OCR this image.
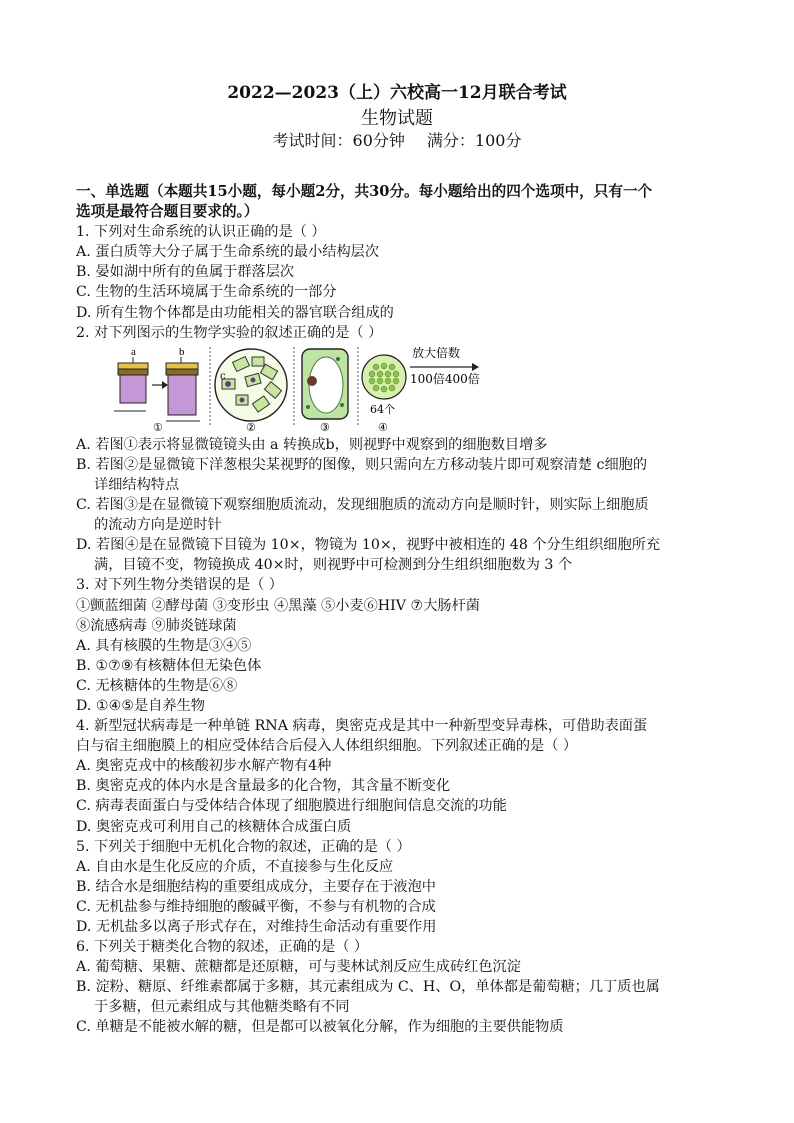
2022—2023（上）六校高一12月联合考试
生物试题
考试时间：60分钟 满分：100分
一、单选题（本题共15小题，每小题2分，共30分。每小题给出的四个选项中，只有一个
选项是最符合题目要求的。）
1. 下列对生命系统的认识正确的是（ ）
A. 蛋白质等大分子属于生命系统的最小结构层次
B. 晏如湖中所有的鱼属于群落层次
C. 生物的生活环境属于生命系统的一部分
D. 所有生物个体都是由功能相关的器官联合组成的
2. 对下列图示的生物学实验的叙述正确的是（ ）
a	b
①
c
②	③
64个
④
放大倍数
100倍400倍
A. 若图①表示将显微镜镜头由 a 转换成b，则视野中观察到的细胞数目增多
B. 若图②是显微镜下洋葱根尖某视野的图像，则只需向左方移动装片即可观察清楚 c细胞的
详细结构特点
C. 若图③是在显微镜下观察细胞质流动，发现细胞质的流动方向是顺时针，则实际上细胞质
的流动方向是逆时针
D. 若图④是在显微镜下目镜为 10×，物镜为 10×，视野中被相连的 48 个分生组织细胞所充
满，目镜不变，物镜换成 40×时，则视野中可检测到分生组织细胞数为 3 个
3. 对下列生物分类错误的是（ ）
①颤蓝细菌 ②酵母菌 ③变形虫 ④黑藻 ⑤小麦⑥HIV ⑦大肠杆菌
⑧流感病毒 ⑨肺炎链球菌
A. 具有核膜的生物是③④⑤
B. ①⑦⑨有核糖体但无染色体
C. 无核糖体的生物是⑥⑧
D. ①④⑤是自养生物
4. 新型冠状病毒是一种单链 RNA 病毒，奥密克戎是其中一种新型变异毒株，可借助表面蛋
白与宿主细胞膜上的相应受体结合后侵入人体组织细胞。下列叙述正确的是（ ）
A. 奥密克戎中的核酸初步水解产物有4种
B. 奥密克戎的体内水是含量最多的化合物，其含量不断变化
C. 病毒表面蛋白与受体结合体现了细胞膜进行细胞间信息交流的功能
D. 奥密克戎可利用自己的核糖体合成蛋白质
5. 下列关于细胞中无机化合物的叙述，正确的是（ ）
A. 自由水是生化反应的介质，不直接参与生化反应
B. 结合水是细胞结构的重要组成成分，主要存在于液泡中
C. 无机盐参与维持细胞的酸碱平衡，不参与有机物的合成
D. 无机盐多以离子形式存在，对维持生命活动有重要作用
6. 下列关于糖类化合物的叙述，正确的是（ ）
A. 葡萄糖、果糖、蔗糖都是还原糖，可与斐林试剂反应生成砖红色沉淀
B. 淀粉、糖原、纤维素都属于多糖，其元素组成为 C、H、O，单体都是葡萄糖；几丁质也属
于多糖，但元素组成与其他糖类略有不同
C. 单糖是不能被水解的糖，但是都可以被氧化分解，作为细胞的主要供能物质
